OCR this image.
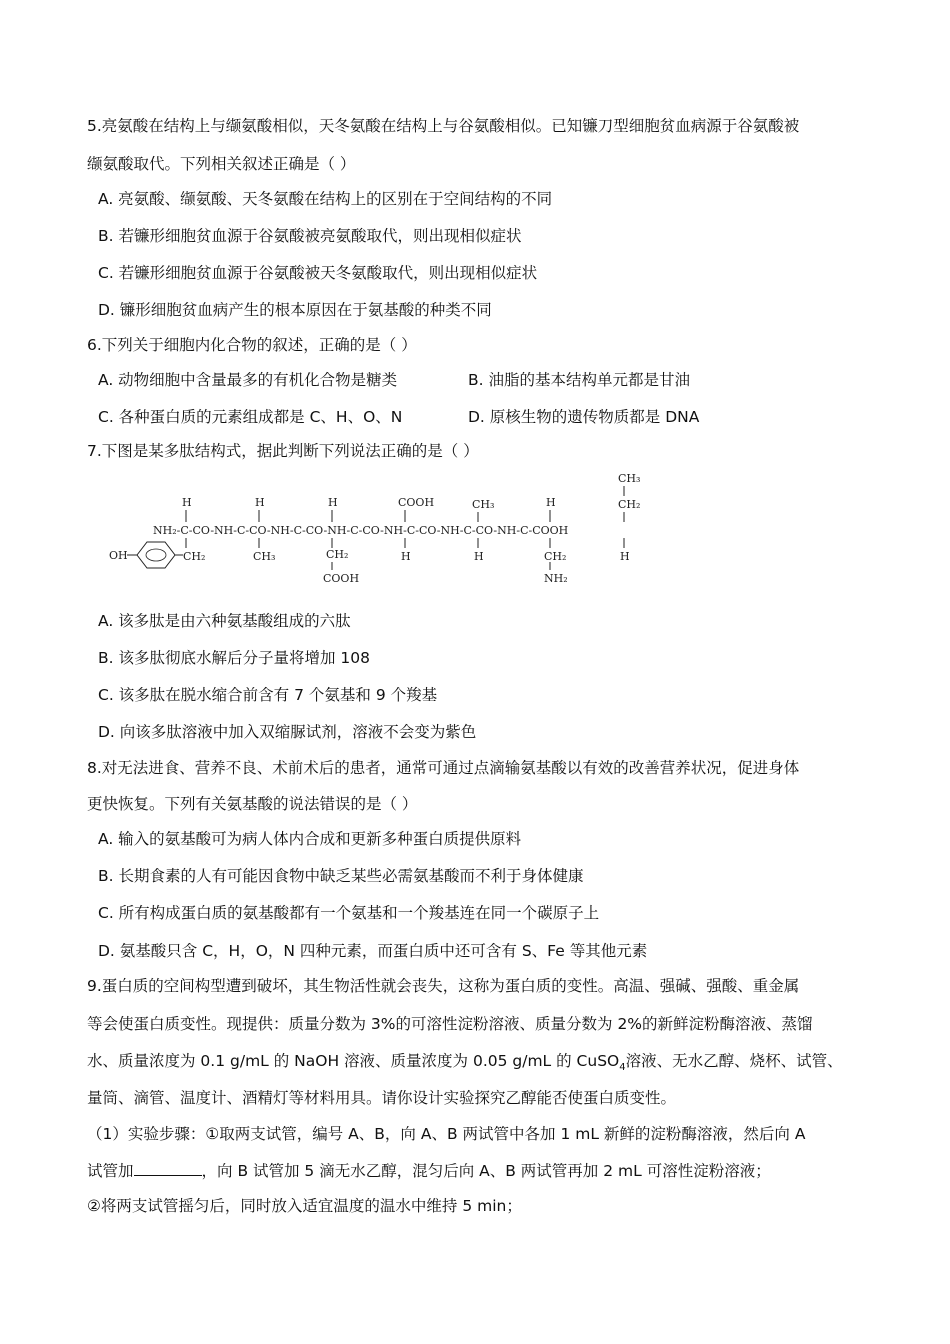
5.亮氨酸在结构上与缬氨酸相似，天冬氨酸在结构上与谷氨酸相似。已知镰刀型细胞贫血病源于谷氨酸被
缬氨酸取代。下列相关叙述正确是（ ）
A. 亮氨酸、缬氨酸、天冬氨酸在结构上的区别在于空间结构的不同
B. 若镰形细胞贫血源于谷氨酸被亮氨酸取代，则出现相似症状
C. 若镰形细胞贫血源于谷氨酸被天冬氨酸取代，则出现相似症状
D. 镰形细胞贫血病产生的根本原因在于氨基酸的种类不同
6.下列关于细胞内化合物的叙述，正确的是（ ）
A. 动物细胞中含量最多的有机化合物是糖类	B. 油脂的基本结构单元都是甘油
C. 各种蛋白质的元素组成都是 C、H、O、N	D. 原核生物的遗传物质都是 DNA
7.下图是某多肽结构式，据此判断下列说法正确的是（ ）
NH₂-C-CO-NH-C-CO-NH-C-CO-NH-C-CO-NH-C-CO-NH-C-CO-NH-C-COOH
H	H	H	COOH	CH₃	H
CH₃
CH₂
CH₂	CH₃	CH₂
COOH
H	H	CH₂
NH₂
H
OH
A. 该多肽是由六种氨基酸组成的六肽
B. 该多肽彻底水解后分子量将增加 108
C. 该多肽在脱水缩合前含有 7 个氨基和 9 个羧基
D. 向该多肽溶液中加入双缩脲试剂，溶液不会变为紫色
8.对无法进食、营养不良、术前术后的患者，通常可通过点滴输氨基酸以有效的改善营养状况，促进身体
更快恢复。下列有关氨基酸的说法错误的是（ ）
A. 输入的氨基酸可为病人体内合成和更新多种蛋白质提供原料
B. 长期食素的人有可能因食物中缺乏某些必需氨基酸而不利于身体健康
C. 所有构成蛋白质的氨基酸都有一个氨基和一个羧基连在同一个碳原子上
D. 氨基酸只含 C，H，O，N 四种元素，而蛋白质中还可含有 S、Fe 等其他元素
9.蛋白质的空间构型遭到破坏，其生物活性就会丧失，这称为蛋白质的变性。高温、强碱、强酸、重金属
等会使蛋白质变性。现提供：质量分数为 3%的可溶性淀粉溶液、质量分数为 2%的新鲜淀粉酶溶液、蒸馏
水、质量浓度为 0.1 g/mL 的 NaOH 溶液、质量浓度为 0.05 g/mL 的 CuSO$_4$溶液、无水乙醇、烧杯、试管、
量筒、滴管、温度计、酒精灯等材料用具。请你设计实验探究乙醇能否使蛋白质变性。
（1）实验步骤：①取两支试管，编号 A、B，向 A、B 两试管中各加 1 mL 新鲜的淀粉酶溶液，然后向 A
试管加	，向 B 试管加 5 滴无水乙醇，混匀后向 A、B 两试管再加 2 mL 可溶性淀粉溶液；
②将两支试管摇匀后，同时放入适宜温度的温水中维持 5 min；
